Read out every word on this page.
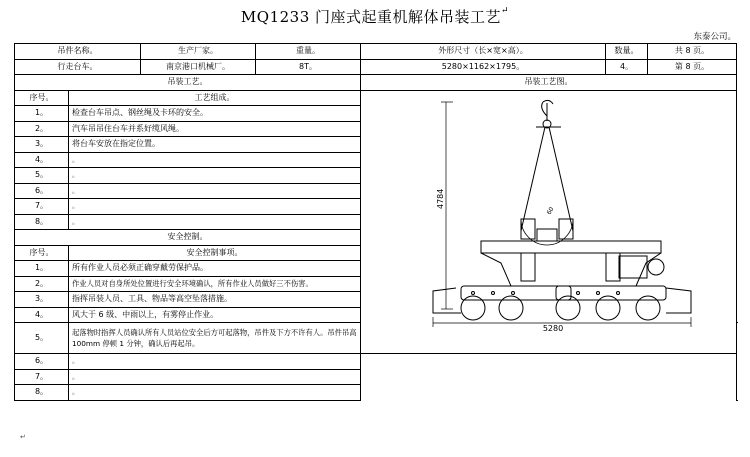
MQ1233 门座式起重机解体吊装工艺↵
东泰公司。
吊件名称。		生产厂家。	重量。	外形尺寸（长×宽×高）。	数量。	共 8 页。	
行走台车。		南京港口机械厂。	8T。	5280×1162×1795。	4。	第 8 页。	
吊装工艺。				吊装工艺图。			
序号。	工艺组成。			4784
5280
60			

1。	检查台车吊点、钢丝绳及卡环的安全。						
2。	汽车吊吊住台车并系好缆风绳。						
3。	将台车安放在指定位置。						
4。	。						
5。	。						
6。	。						
7。	。						
8。	。						
安全控制。							
序号。	安全控制事项。						
1。	所有作业人员必须正确穿戴劳保护品。						
2。	作业人员对自身所处位置进行安全环境确认，所有作业人员做好三不伤害。						
3。	指挥吊装人员、工具、物品等高空坠落措施。						
4。	风大于 6 级、中雨以上，有雾停止作业。						
5。	起落物时指挥人员确认所有人员站位安全后方可起落物，吊件及下方不许有人。吊件吊高 100mm 停顿 1 分钟，确认后再起吊。		

6。	。						
7。	。						
8。	。						
↵
